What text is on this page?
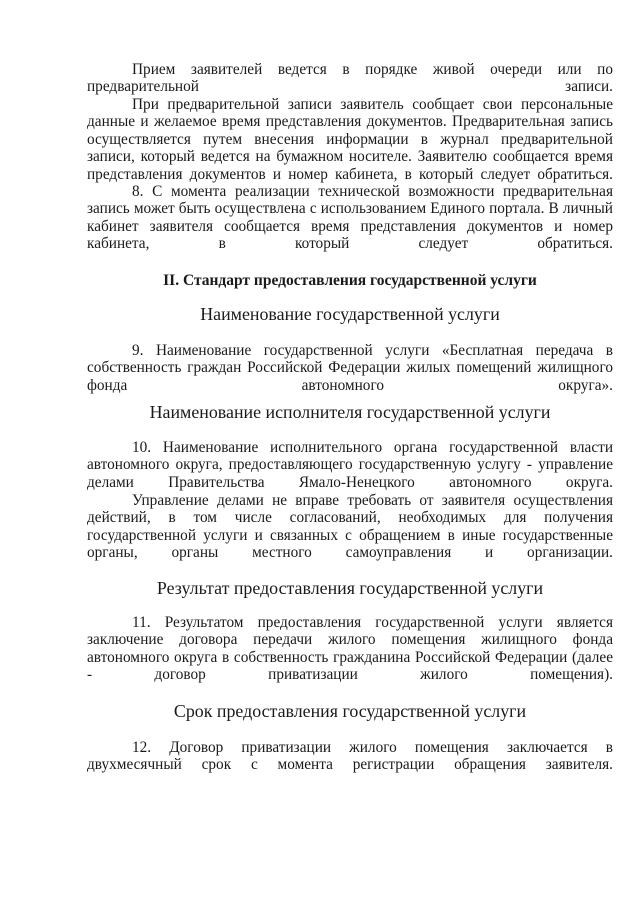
Прием заявителей ведется в порядке живой очереди или по предварительной записи.

При предварительной записи заявитель сообщает свои персональные данные и желаемое время представления документов. Предварительная запись осуществляется путем внесения информации в журнал предварительной записи, который ведется на бумажном носителе. Заявителю сообщается время представления документов и номер кабинета, в который следует обратиться.

8. С момента реализации технической возможности предварительная запись может быть осуществлена с использованием Единого портала. В личный кабинет заявителя сообщается время представления документов и номер кабинета, в который следует обратиться.

II. Стандарт предоставления государственной услуги
Наименование государственной услуги

9. Наименование государственной услуги «Бесплатная передача в собственность граждан Российской Федерации жилых помещений жилищного фонда автономного округа».

Наименование исполнителя государственной услуги

10. Наименование исполнительного органа государственной власти автономного округа, предоставляющего государственную услугу - управление делами Правительства Ямало-Ненецкого автономного округа.

Управление делами не вправе требовать от заявителя осуществления действий, в том числе согласований, необходимых для получения государственной услуги и связанных с обращением в иные государственные органы, органы местного самоуправления и организации.

Результат предоставления государственной услуги

11. Результатом предоставления государственной услуги является заключение договора передачи жилого помещения жилищного фонда автономного округа в собственность гражданина Российской Федерации (далее - договор приватизации жилого помещения).

Срок предоставления государственной услуги

12. Договор приватизации жилого помещения заключается в двухмесячный срок с момента регистрации обращения заявителя.
